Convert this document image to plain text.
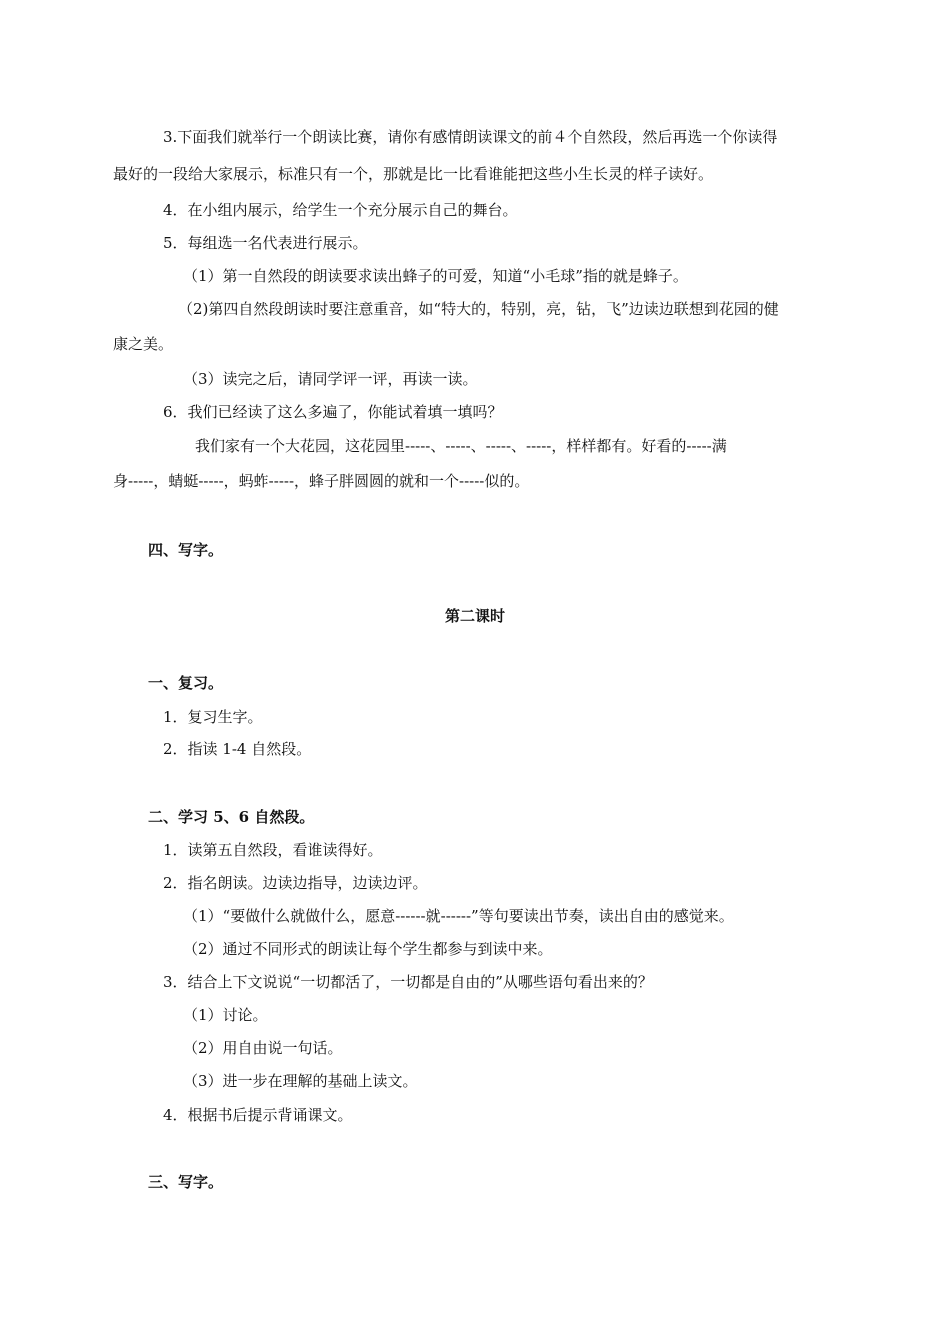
3.下面我们就举行一个朗读比赛，请你有感情朗读课文的前４个自然段，然后再选一个你读得
最好的一段给大家展示，标准只有一个，那就是比一比看谁能把这些小生长灵的样子读好。
4．在小组内展示，给学生一个充分展示自己的舞台。
5．每组选一名代表进行展示。
（1）第一自然段的朗读要求读出蜂子的可爱，知道“小毛球”指的就是蜂子。
（2)第四自然段朗读时要注意重音，如“特大的，特别，亮，钻，飞”边读边联想到花园的健
康之美。
（3）读完之后，请同学评一评，再读一读。
6．我们已经读了这么多遍了，你能试着填一填吗？
我们家有一个大花园，这花园里-----、-----、-----、-----，样样都有。好看的-----满
身-----，蜻蜓-----，蚂蚱-----，蜂子胖圆圆的就和一个-----似的。
四、写字。
第二课时
一、复习。
1．复习生字。
2．指读 1-4 自然段。
二、学习 5、6 自然段。
1．读第五自然段，看谁读得好。
2．指名朗读。边读边指导，边读边评。
（1）“要做什么就做什么，愿意------就------”等句要读出节奏，读出自由的感觉来。
（2）通过不同形式的朗读让每个学生都参与到读中来。
3．结合上下文说说“一切都活了，一切都是自由的”从哪些语句看出来的？
（1）讨论。
（2）用自由说一句话。
（3）进一步在理解的基础上读文。
4．根据书后提示背诵课文。
三、写字。
